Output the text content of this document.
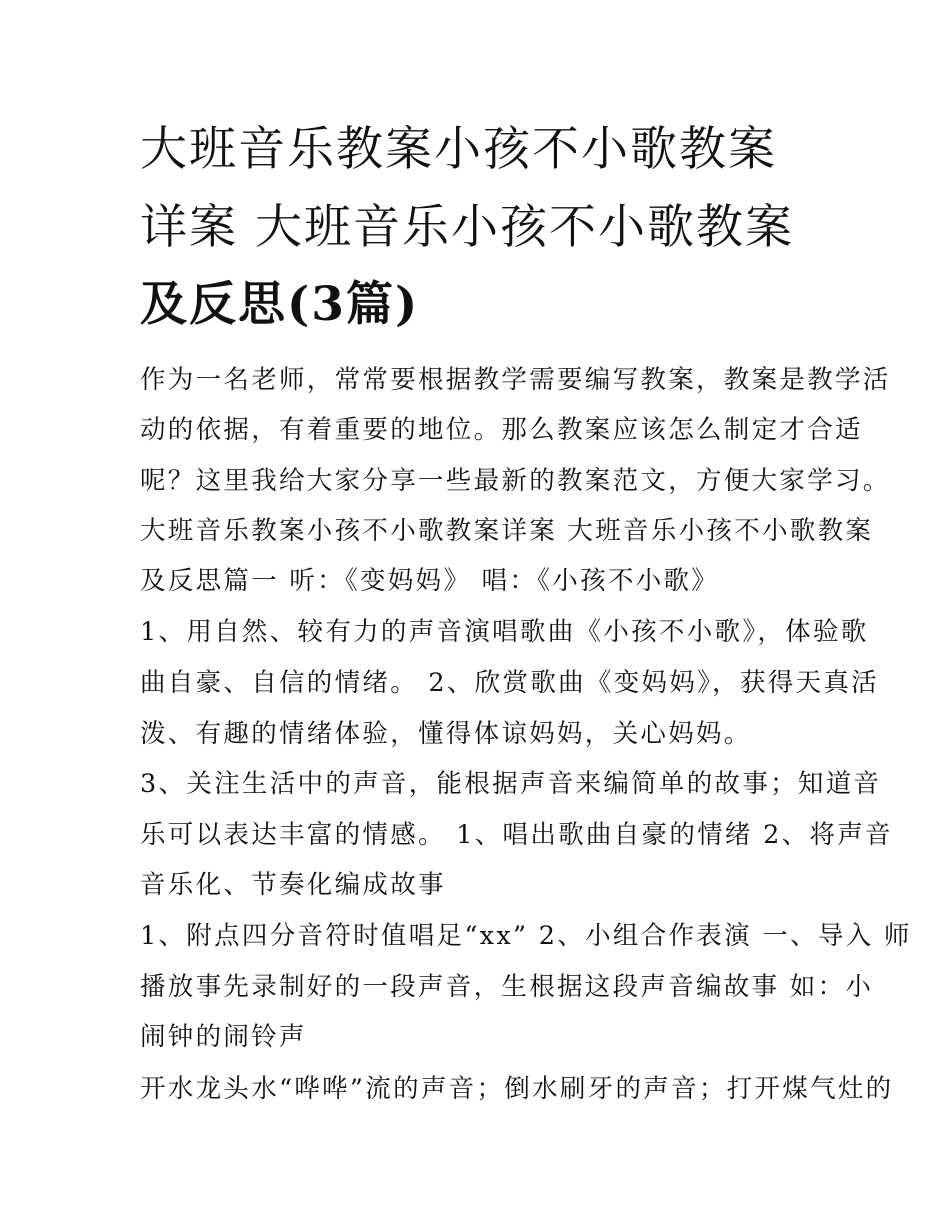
大班音乐教案小孩不小歌教案
详案 大班音乐小孩不小歌教案
及反思(3篇)
作为一名老师，常常要根据教学需要编写教案，教案是教学活
动的依据，有着重要的地位。那么教案应该怎么制定才合适
呢？这里我给大家分享一些最新的教案范文，方便大家学习。
大班音乐教案小孩不小歌教案详案 大班音乐小孩不小歌教案
及反思篇一 听：《变妈妈》 唱：《小孩不小歌》
1、用自然、较有力的声音演唱歌曲《小孩不小歌》，体验歌
曲自豪、自信的情绪。 2、欣赏歌曲《变妈妈》，获得天真活
泼、有趣的情绪体验，懂得体谅妈妈，关心妈妈。
3、关注生活中的声音，能根据声音来编简单的故事；知道音
乐可以表达丰富的情感。 1、唱出歌曲自豪的情绪 2、将声音
音乐化、节奏化编成故事
1、附点四分音符时值唱足“xx” 2、小组合作表演 一、导入 师
播放事先录制好的一段声音，生根据这段声音编故事 如：小
闹钟的闹铃声
开水龙头水“哗哗”流的声音；倒水刷牙的声音；打开煤气灶的
